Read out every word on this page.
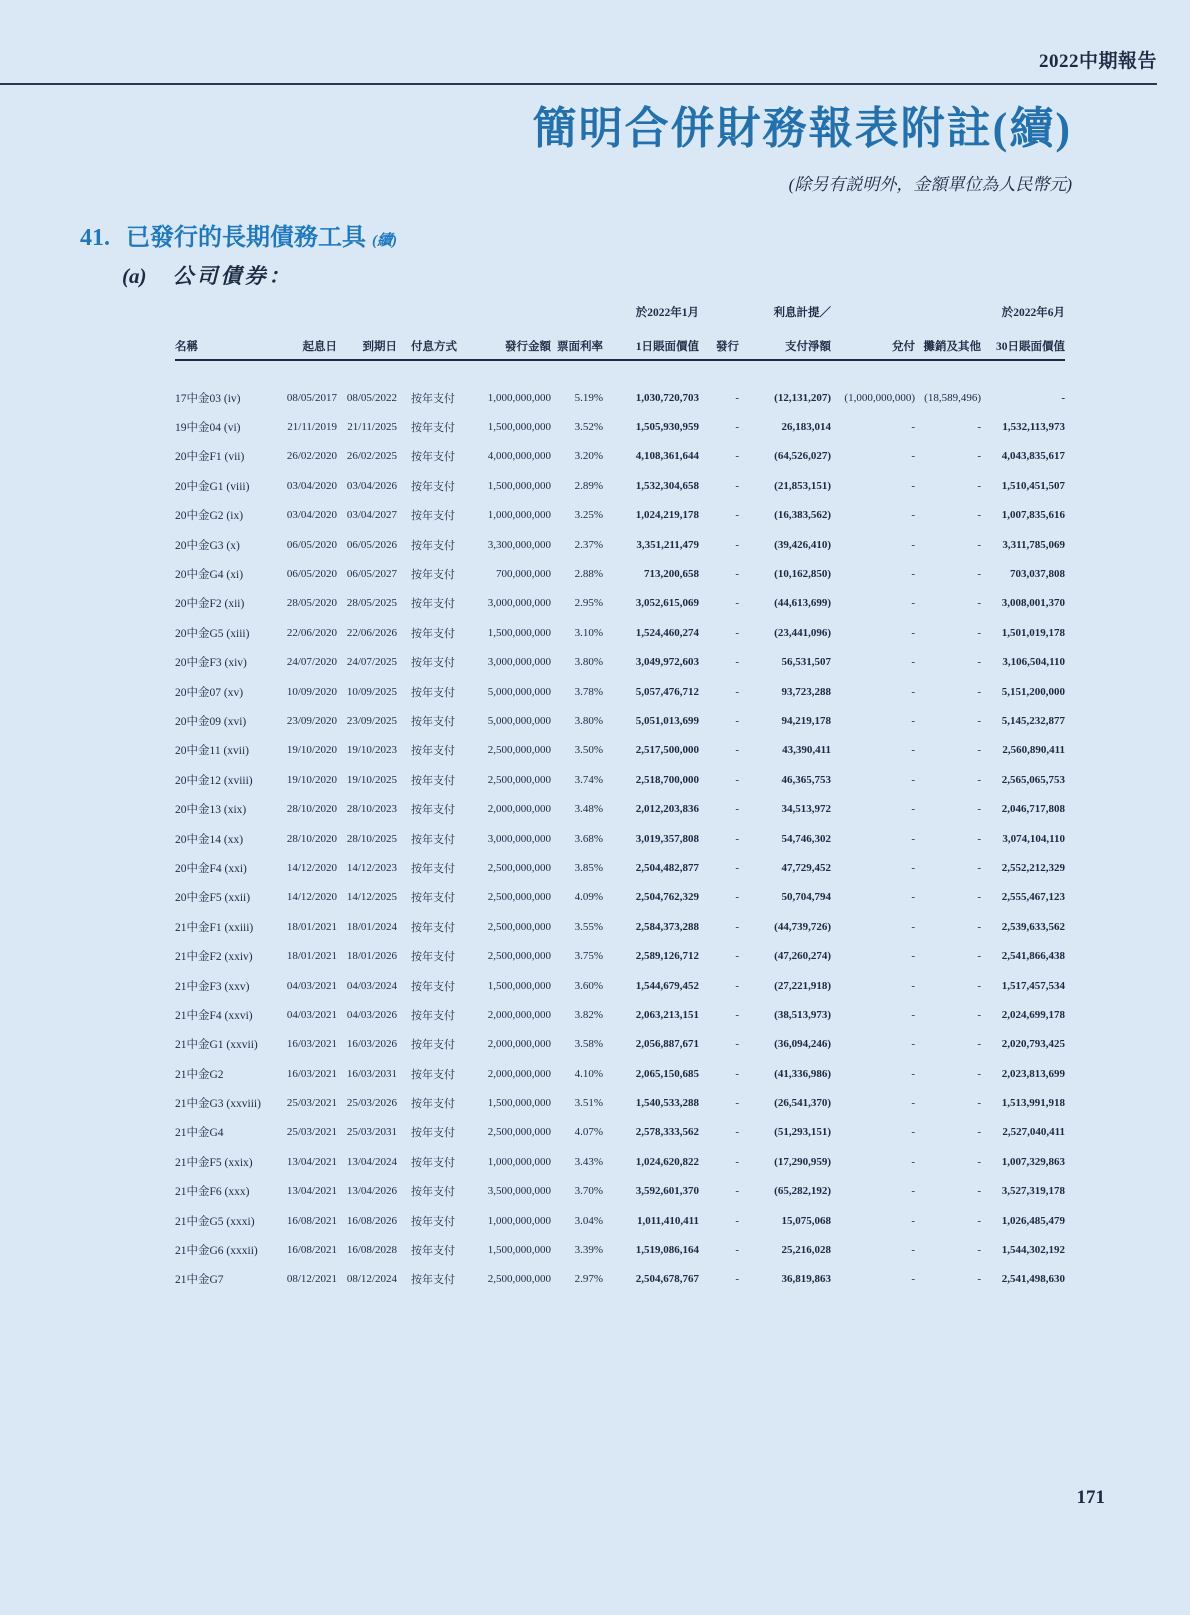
2022中期報告
簡明合併財務報表附註(續)
(除另有説明外，金額單位為人民幣元)
41. 已發行的長期債務工具 (續)
(a) 公司債券：
						於2022年1月		利息計提／			於2022年6月
名稱	起息日	到期日	付息方式	發行金額	票面利率	1日賬面價值	發行	支付淨額	兌付	攤銷及其他	30日賬面價值

17中金03 (iv)	08/05/2017	08/05/2022	按年支付	1,000,000,000	5.19%	1,030,720,703	-	(12,131,207)	(1,000,000,000)	(18,589,496)	-
19中金04 (vi)	21/11/2019	21/11/2025	按年支付	1,500,000,000	3.52%	1,505,930,959	-	26,183,014	-	-	1,532,113,973
20中金F1 (vii)	26/02/2020	26/02/2025	按年支付	4,000,000,000	3.20%	4,108,361,644	-	(64,526,027)	-	-	4,043,835,617
20中金G1 (viii)	03/04/2020	03/04/2026	按年支付	1,500,000,000	2.89%	1,532,304,658	-	(21,853,151)	-	-	1,510,451,507
20中金G2 (ix)	03/04/2020	03/04/2027	按年支付	1,000,000,000	3.25%	1,024,219,178	-	(16,383,562)	-	-	1,007,835,616
20中金G3 (x)	06/05/2020	06/05/2026	按年支付	3,300,000,000	2.37%	3,351,211,479	-	(39,426,410)	-	-	3,311,785,069
20中金G4 (xi)	06/05/2020	06/05/2027	按年支付	700,000,000	2.88%	713,200,658	-	(10,162,850)	-	-	703,037,808
20中金F2 (xii)	28/05/2020	28/05/2025	按年支付	3,000,000,000	2.95%	3,052,615,069	-	(44,613,699)	-	-	3,008,001,370
20中金G5 (xiii)	22/06/2020	22/06/2026	按年支付	1,500,000,000	3.10%	1,524,460,274	-	(23,441,096)	-	-	1,501,019,178
20中金F3 (xiv)	24/07/2020	24/07/2025	按年支付	3,000,000,000	3.80%	3,049,972,603	-	56,531,507	-	-	3,106,504,110
20中金07 (xv)	10/09/2020	10/09/2025	按年支付	5,000,000,000	3.78%	5,057,476,712	-	93,723,288	-	-	5,151,200,000
20中金09 (xvi)	23/09/2020	23/09/2025	按年支付	5,000,000,000	3.80%	5,051,013,699	-	94,219,178	-	-	5,145,232,877
20中金11 (xvii)	19/10/2020	19/10/2023	按年支付	2,500,000,000	3.50%	2,517,500,000	-	43,390,411	-	-	2,560,890,411
20中金12 (xviii)	19/10/2020	19/10/2025	按年支付	2,500,000,000	3.74%	2,518,700,000	-	46,365,753	-	-	2,565,065,753
20中金13 (xix)	28/10/2020	28/10/2023	按年支付	2,000,000,000	3.48%	2,012,203,836	-	34,513,972	-	-	2,046,717,808
20中金14 (xx)	28/10/2020	28/10/2025	按年支付	3,000,000,000	3.68%	3,019,357,808	-	54,746,302	-	-	3,074,104,110
20中金F4 (xxi)	14/12/2020	14/12/2023	按年支付	2,500,000,000	3.85%	2,504,482,877	-	47,729,452	-	-	2,552,212,329
20中金F5 (xxii)	14/12/2020	14/12/2025	按年支付	2,500,000,000	4.09%	2,504,762,329	-	50,704,794	-	-	2,555,467,123
21中金F1 (xxiii)	18/01/2021	18/01/2024	按年支付	2,500,000,000	3.55%	2,584,373,288	-	(44,739,726)	-	-	2,539,633,562
21中金F2 (xxiv)	18/01/2021	18/01/2026	按年支付	2,500,000,000	3.75%	2,589,126,712	-	(47,260,274)	-	-	2,541,866,438
21中金F3 (xxv)	04/03/2021	04/03/2024	按年支付	1,500,000,000	3.60%	1,544,679,452	-	(27,221,918)	-	-	1,517,457,534
21中金F4 (xxvi)	04/03/2021	04/03/2026	按年支付	2,000,000,000	3.82%	2,063,213,151	-	(38,513,973)	-	-	2,024,699,178
21中金G1 (xxvii)	16/03/2021	16/03/2026	按年支付	2,000,000,000	3.58%	2,056,887,671	-	(36,094,246)	-	-	2,020,793,425
21中金G2	16/03/2021	16/03/2031	按年支付	2,000,000,000	4.10%	2,065,150,685	-	(41,336,986)	-	-	2,023,813,699
21中金G3 (xxviii)	25/03/2021	25/03/2026	按年支付	1,500,000,000	3.51%	1,540,533,288	-	(26,541,370)	-	-	1,513,991,918
21中金G4	25/03/2021	25/03/2031	按年支付	2,500,000,000	4.07%	2,578,333,562	-	(51,293,151)	-	-	2,527,040,411
21中金F5 (xxix)	13/04/2021	13/04/2024	按年支付	1,000,000,000	3.43%	1,024,620,822	-	(17,290,959)	-	-	1,007,329,863
21中金F6 (xxx)	13/04/2021	13/04/2026	按年支付	3,500,000,000	3.70%	3,592,601,370	-	(65,282,192)	-	-	3,527,319,178
21中金G5 (xxxi)	16/08/2021	16/08/2026	按年支付	1,000,000,000	3.04%	1,011,410,411	-	15,075,068	-	-	1,026,485,479
21中金G6 (xxxii)	16/08/2021	16/08/2028	按年支付	1,500,000,000	3.39%	1,519,086,164	-	25,216,028	-	-	1,544,302,192
21中金G7	08/12/2021	08/12/2024	按年支付	2,500,000,000	2.97%	2,504,678,767	-	36,819,863	-	-	2,541,498,630
171
